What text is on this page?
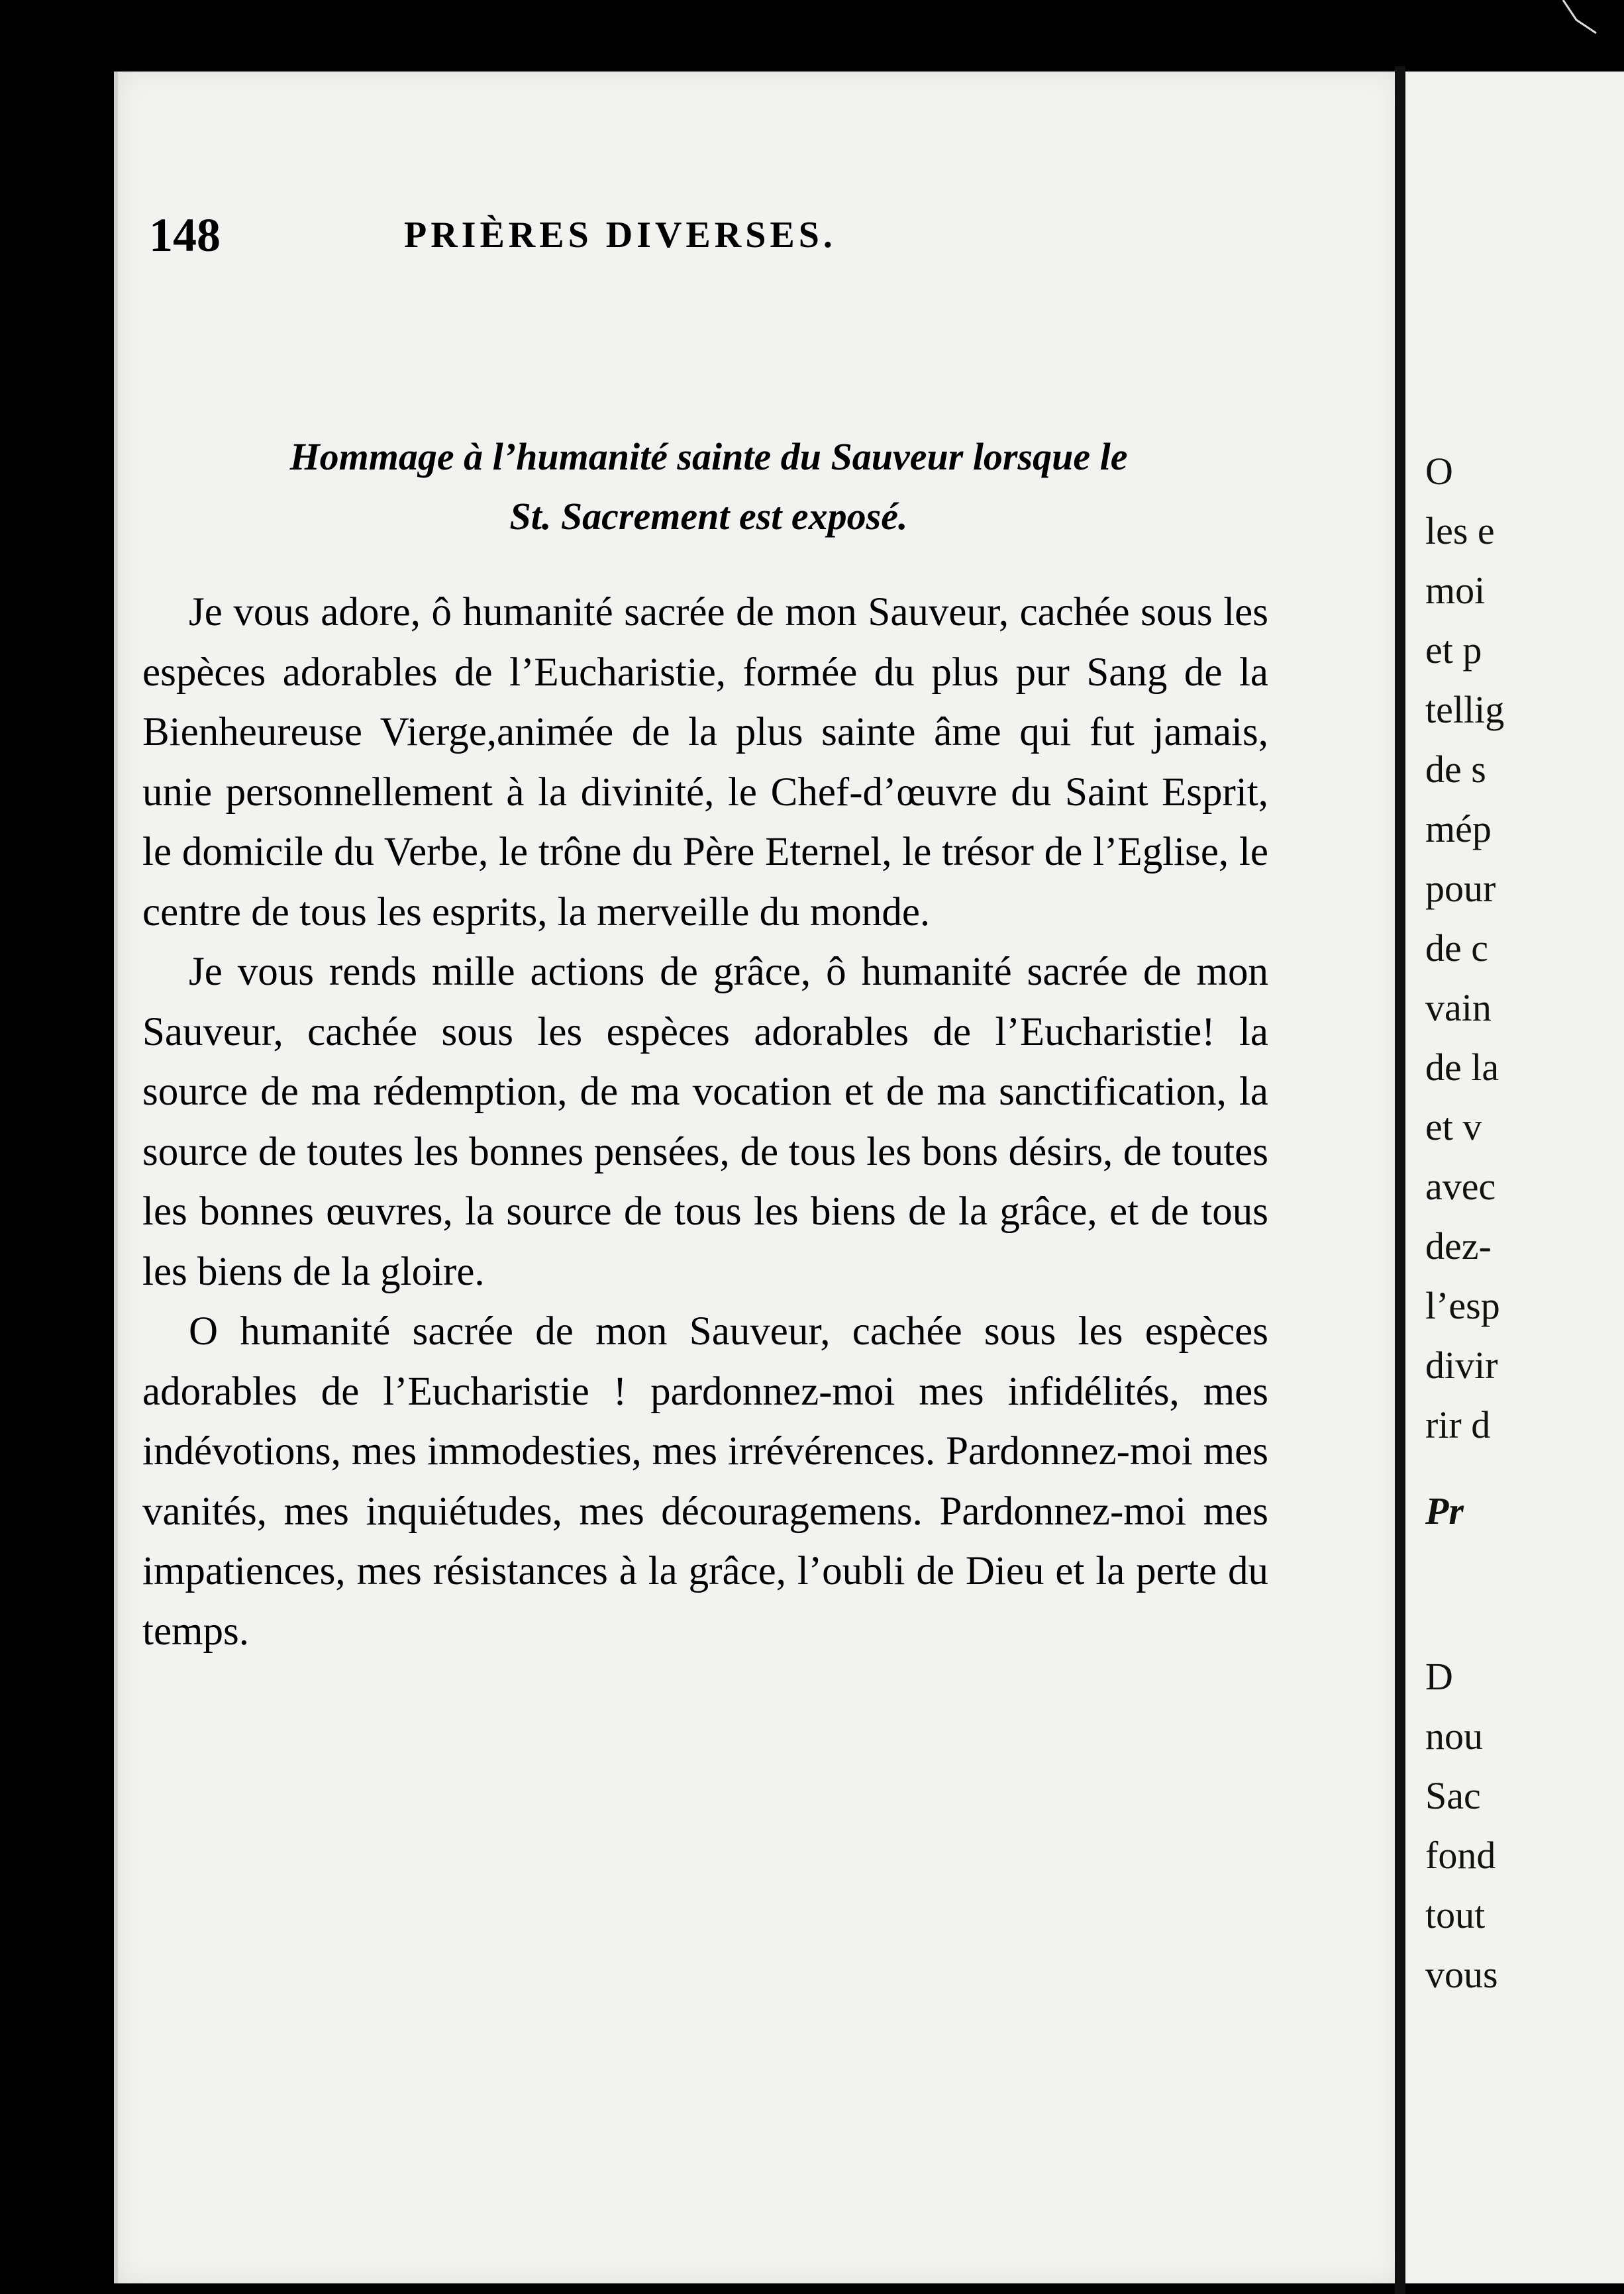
O
les e
moi
et p
tellig
de s
mép
pour
de c
vain
de la
et v
avec
dez-
l’esp
divir
rir d
Pr
D
nou
Sac
fond
tout
vous
148	PRIÈRES DIVERSES.
Hommage à l’humanité sainte du Sauveur lorsque le
St. Sacrement est exposé.

Je vous adore, ô humanité sacrée de mon Sauveur, cachée sous les espèces adorables de l’Eucharistie, formée du plus pur Sang de la Bienheureuse Vierge,animée de la plus sainte âme qui fut jamais, unie personnellement à la divinité, le Chef-d’œuvre du Saint Esprit, le domicile du Verbe, le trône du Père Eternel, le trésor de l’Eglise, le centre de tous les esprits, la merveille du monde.

Je vous rends mille actions de grâce, ô humanité sacrée de mon Sauveur, cachée sous les espèces adorables de l’Eucharistie! la source de ma rédemption, de ma vocation et de ma sanctification, la source de toutes les bonnes pensées, de tous les bons désirs, de toutes les bonnes œuvres, la source de tous les biens de la grâce, et de tous les biens de la gloire.

O humanité sacrée de mon Sauveur, cachée sous les espèces adorables de l’Eucharistie ! pardonnez-moi mes infidélités, mes indévotions, mes immodesties, mes irrévérences. Pardonnez-moi mes vanités, mes inquiétudes, mes découragemens. Pardonnez-moi mes impatiences, mes résistances à la grâce, l’oubli de Dieu et la perte du temps.
